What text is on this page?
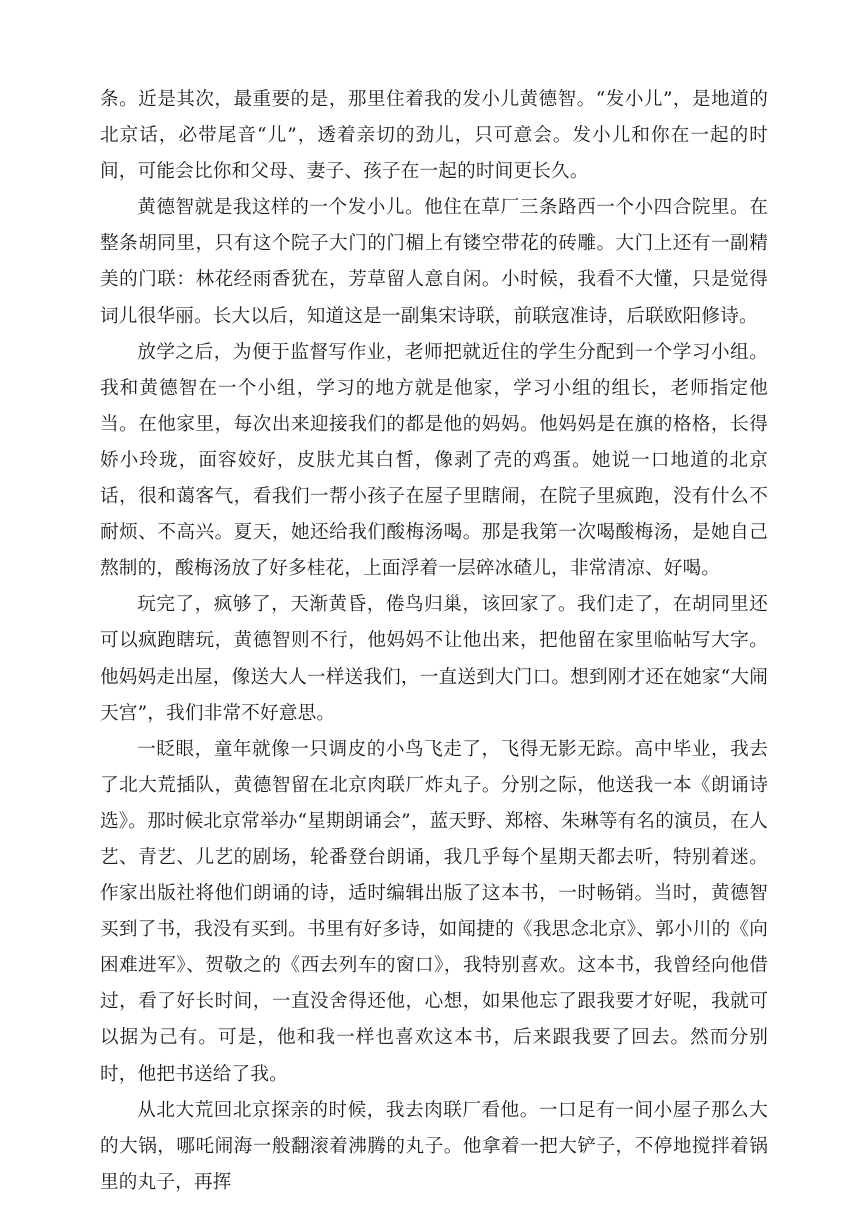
条。近是其次，最重要的是，那里住着我的发小儿黄德智。“发小儿”，是地道的北京话，必带尾音“儿”，透着亲切的劲儿，只可意会。发小儿和你在一起的时间，可能会比你和父母、妻子、孩子在一起的时间更长久。

黄德智就是我这样的一个发小儿。他住在草厂三条路西一个小四合院里。在整条胡同里，只有这个院子大门的门楣上有镂空带花的砖雕。大门上还有一副精美的门联：林花经雨香犹在，芳草留人意自闲。小时候，我看不大懂，只是觉得词儿很华丽。长大以后，知道这是一副集宋诗联，前联寇准诗，后联欧阳修诗。

放学之后，为便于监督写作业，老师把就近住的学生分配到一个学习小组。我和黄德智在一个小组，学习的地方就是他家，学习小组的组长，老师指定他当。在他家里，每次出来迎接我们的都是他的妈妈。他妈妈是在旗的格格，长得娇小玲珑，面容姣好，皮肤尤其白皙，像剥了壳的鸡蛋。她说一口地道的北京话，很和蔼客气，看我们一帮小孩子在屋子里瞎闹，在院子里疯跑，没有什么不耐烦、不高兴。夏天，她还给我们酸梅汤喝。那是我第一次喝酸梅汤，是她自己熬制的，酸梅汤放了好多桂花，上面浮着一层碎冰碴儿，非常清凉、好喝。

玩完了，疯够了，天渐黄昏，倦鸟归巢，该回家了。我们走了，在胡同里还可以疯跑瞎玩，黄德智则不行，他妈妈不让他出来，把他留在家里临帖写大字。他妈妈走出屋，像送大人一样送我们，一直送到大门口。想到刚才还在她家“大闹天宫”，我们非常不好意思。

一眨眼，童年就像一只调皮的小鸟飞走了，飞得无影无踪。高中毕业，我去了北大荒插队，黄德智留在北京肉联厂炸丸子。分别之际，他送我一本《朗诵诗选》。那时候北京常举办“星期朗诵会”，蓝天野、郑榕、朱琳等有名的演员，在人艺、青艺、儿艺的剧场，轮番登台朗诵，我几乎每个星期天都去听，特别着迷。作家出版社将他们朗诵的诗，适时编辑出版了这本书，一时畅销。当时，黄德智买到了书，我没有买到。书里有好多诗，如闻捷的《我思念北京》、郭小川的《向困难进军》、贺敬之的《西去列车的窗口》，我特别喜欢。这本书，我曾经向他借过，看了好长时间，一直没舍得还他，心想，如果他忘了跟我要才好呢，我就可以据为己有。可是，他和我一样也喜欢这本书，后来跟我要了回去。然而分别时，他把书送给了我。

从北大荒回北京探亲的时候，我去肉联厂看他。一口足有一间小屋子那么大的大锅，哪吒闹海一般翻滚着沸腾的丸子。他拿着一把大铲子，不停地搅拌着锅里的丸子，再挥
